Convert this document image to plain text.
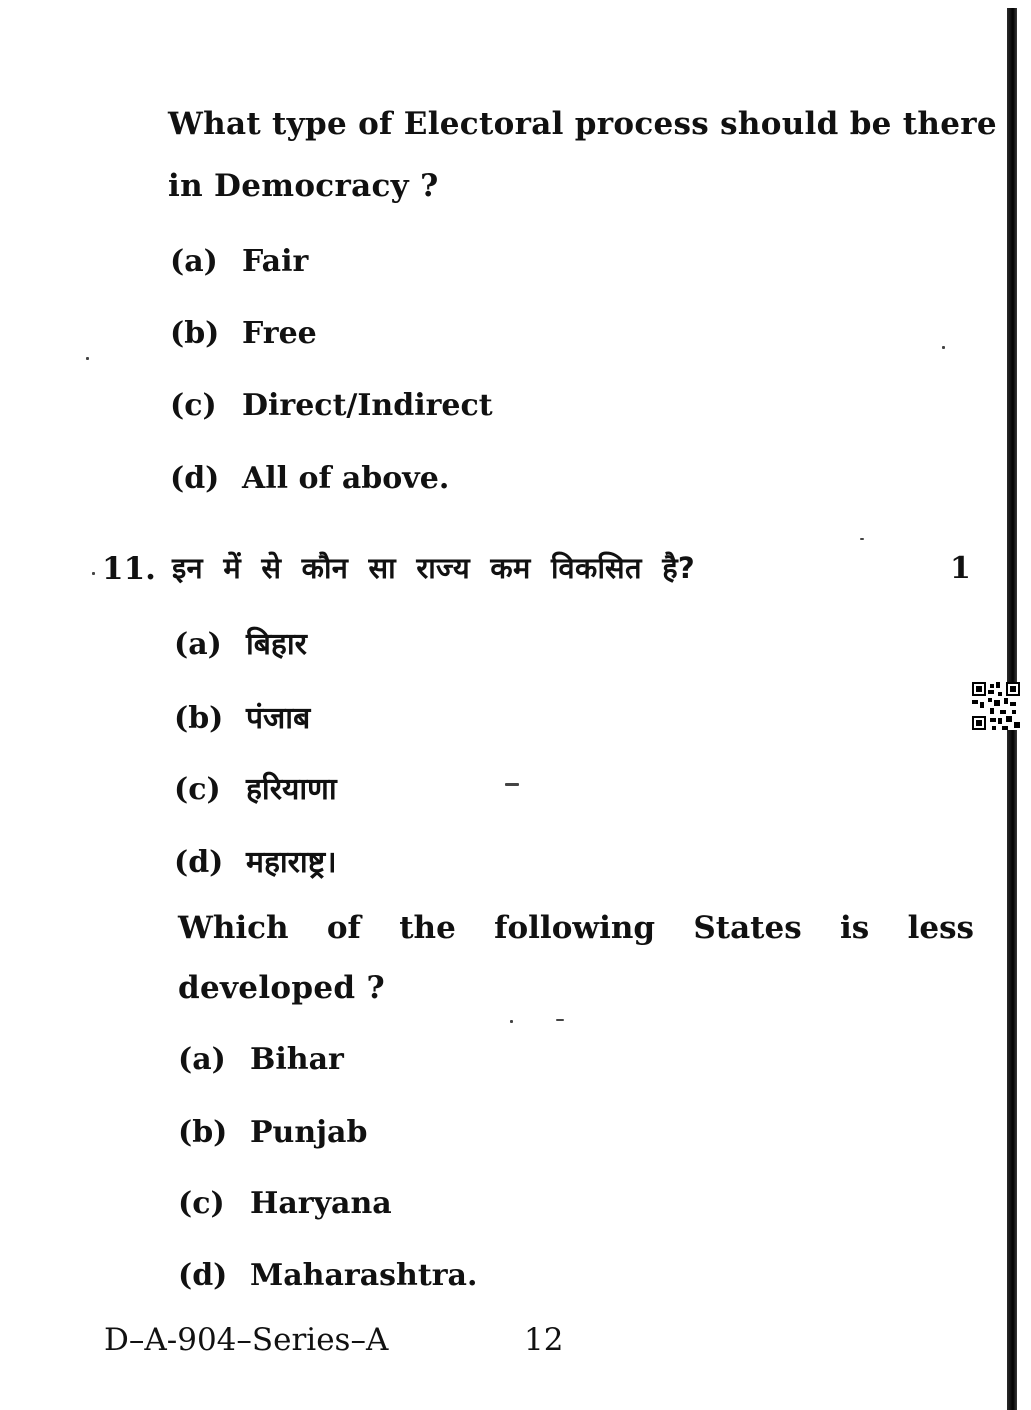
What type of Electoral process should be there
in Democracy ?
(a) Fair
(b) Free
(c) Direct/Indirect
(d) All of above.
11. इन में से कौन सा राज्य कम विकसित है?	1
(a) बिहार
(b) पंजाब
(c) हरियाणा
(d) महाराष्ट्र।
Which of the following States is less
developed ?
(a) Bihar
(b) Punjab
(c) Haryana
(d) Maharashtra.
D–A-904–Series–A	12
